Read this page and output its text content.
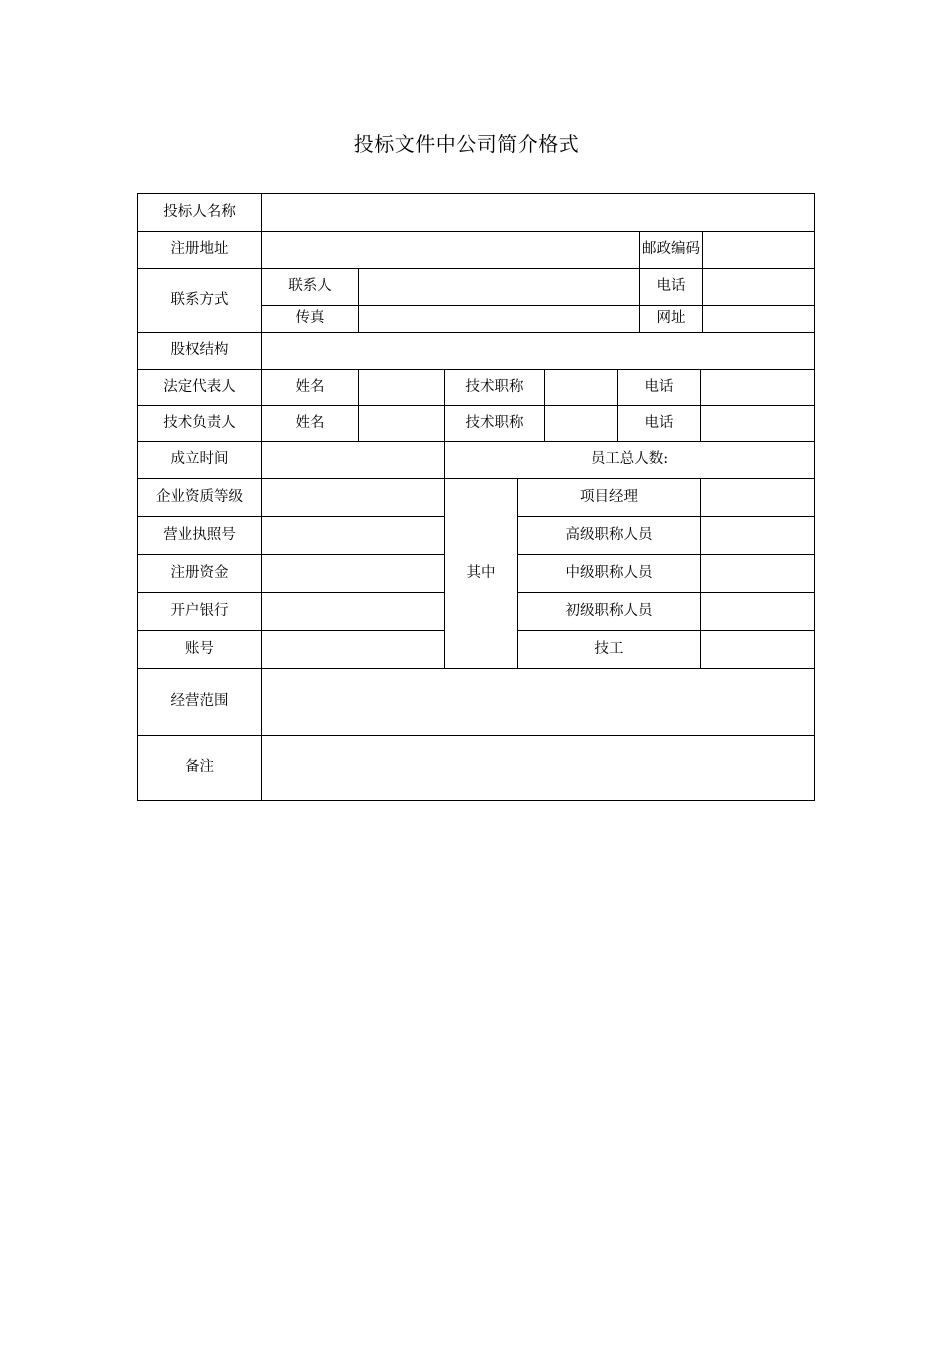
投标文件中公司简介格式
投标人名称									
注册地址							邮政编码		
联系方式	联系人						电话		
	传真						网址		
股权结构									
法定代表人	姓名		技术职称			电话			
技术负责人	姓名		技术职称			电话			
成立时间			员工总人数:						
企业资质等级			其中	项目经理					
营业执照号				高级职称人员					
注册资金				中级职称人员					
开户银行				初级职称人员					
账号				技工					
经营范围									
备注									
